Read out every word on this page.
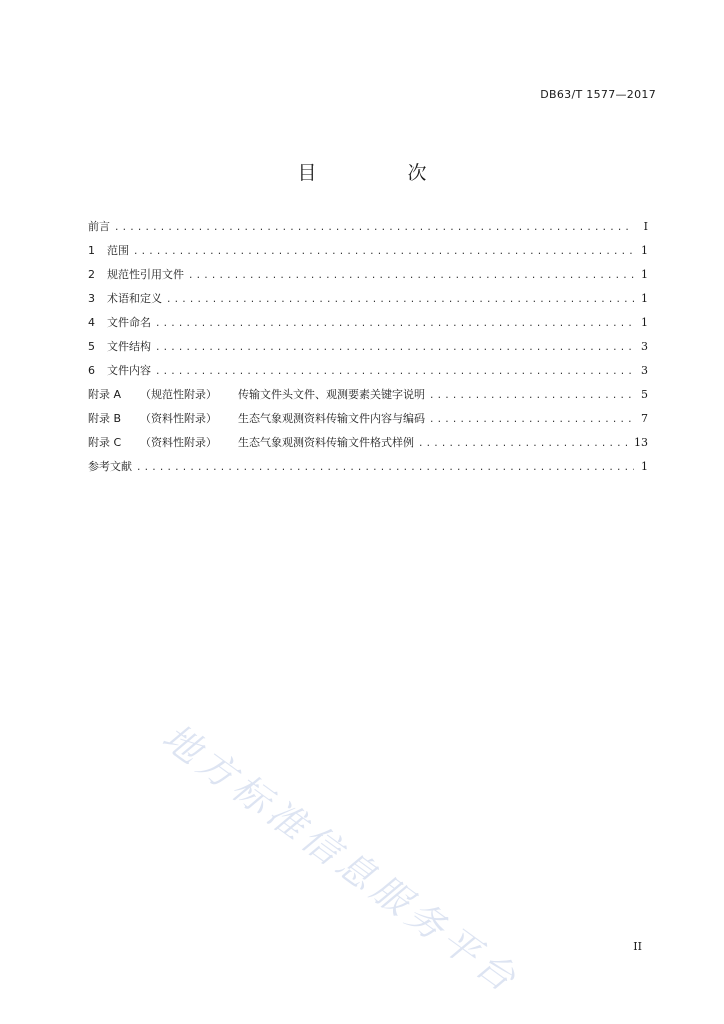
DB63/T 1577—2017
目　次
前言 .....	I
1	范围 .....	1
2	规范性引用文件 .....	1
3	术语和定义 .....	1
4	文件命名 .....	1
5	文件结构 .....	3
6	文件内容 .....	3
附录 A	（规范性附录）	传输文件头文件、观测要素关键字说明 .....	5
附录 B	（资料性附录）	生态气象观测资料传输文件内容与编码 .....	7
附录 C	（资料性附录）	生态气象观测资料传输文件格式样例 .....	13
参考文献 .....	1
地方标准信息服务平台	II
